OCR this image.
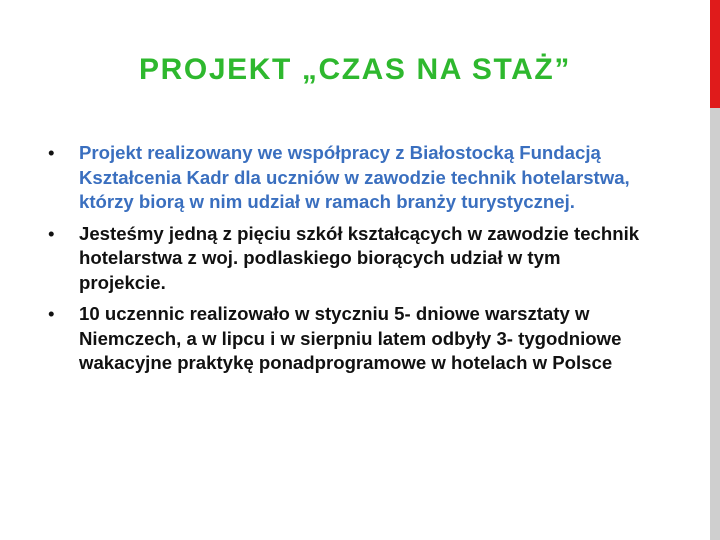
PROJEKT „CZAS NA STAŻ”
• Projekt realizowany we współpracy z Białostocką Fundacją Kształcenia Kadr dla uczniów w zawodzie technik hotelarstwa, którzy biorą w nim udział w ramach branży turystycznej.
• Jesteśmy jedną z pięciu szkół kształcących w zawodzie technik hotelarstwa z woj. podlaskiego biorących udział w tym projekcie.
• 10 uczennic realizowało w styczniu 5- dniowe warsztaty w Niemczech, a w lipcu i w sierpniu latem odbyły 3- tygodniowe wakacyjne praktykę ponadprogramowe w hotelach w Polsce
